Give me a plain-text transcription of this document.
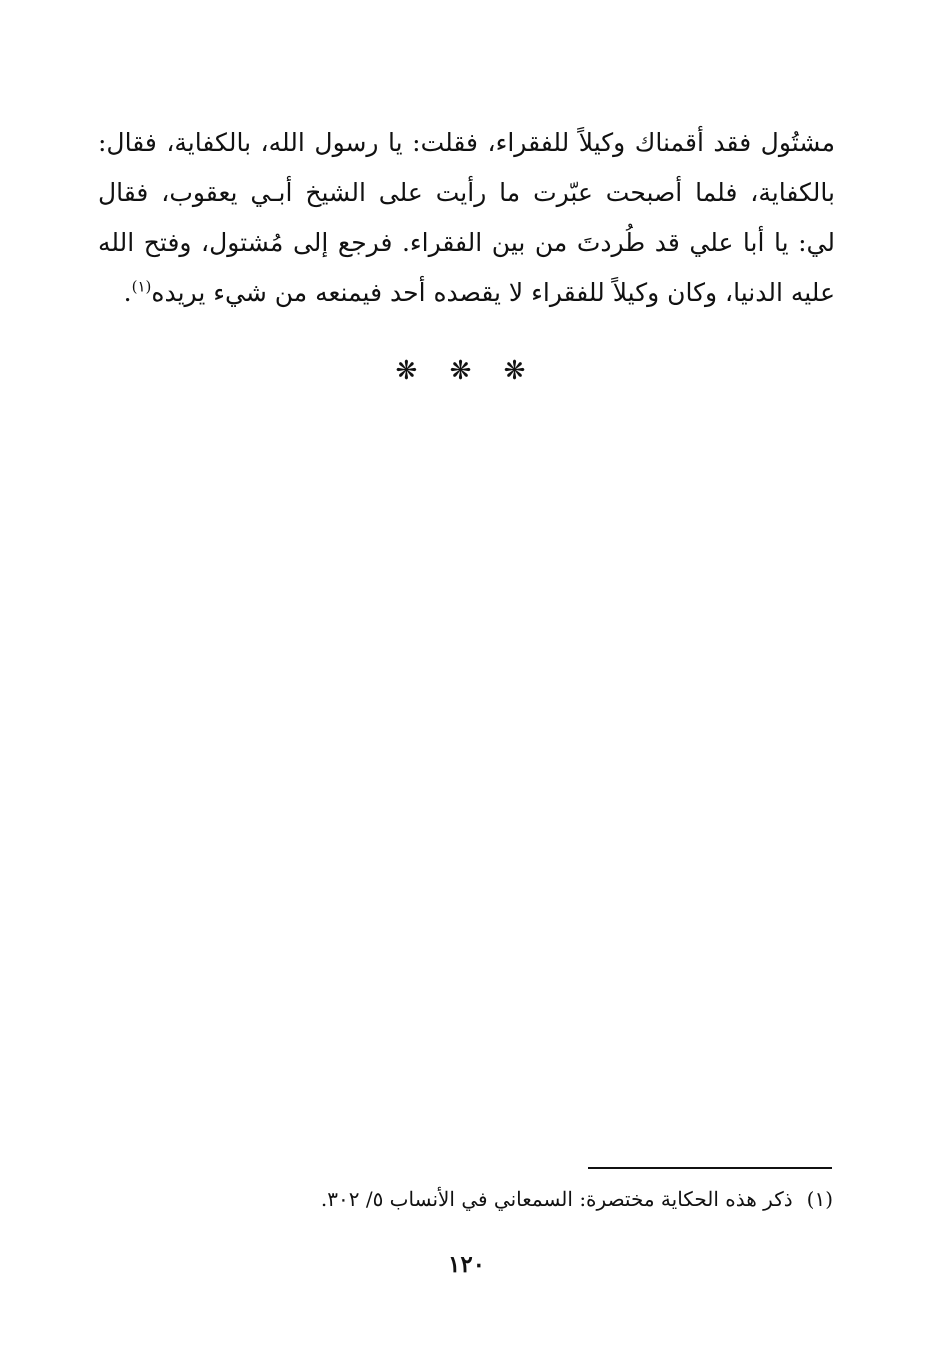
مشتُول فقد أقمناك وكيلاً للفقراء، فقلت: يا رسول الله، بالكفاية، فقال:
بالكفاية، فلما أصبحت عبّرت ما رأيت على الشيخ أبـي يعقوب، فقال
لي: يا أبا علي قد طُردتَ من بين الفقراء. فرجع إلى مُشتول، وفتح الله
عليه الدنيا، وكان وكيلاً للفقراء لا يقصده أحد فيمنعه من شيء يريده$^{(١)}$.
❋ ❋ ❋
(١)ذكر هذه الحكاية مختصرة: السمعاني في الأنساب ٥/ ٣٠٢.
١٢٠
